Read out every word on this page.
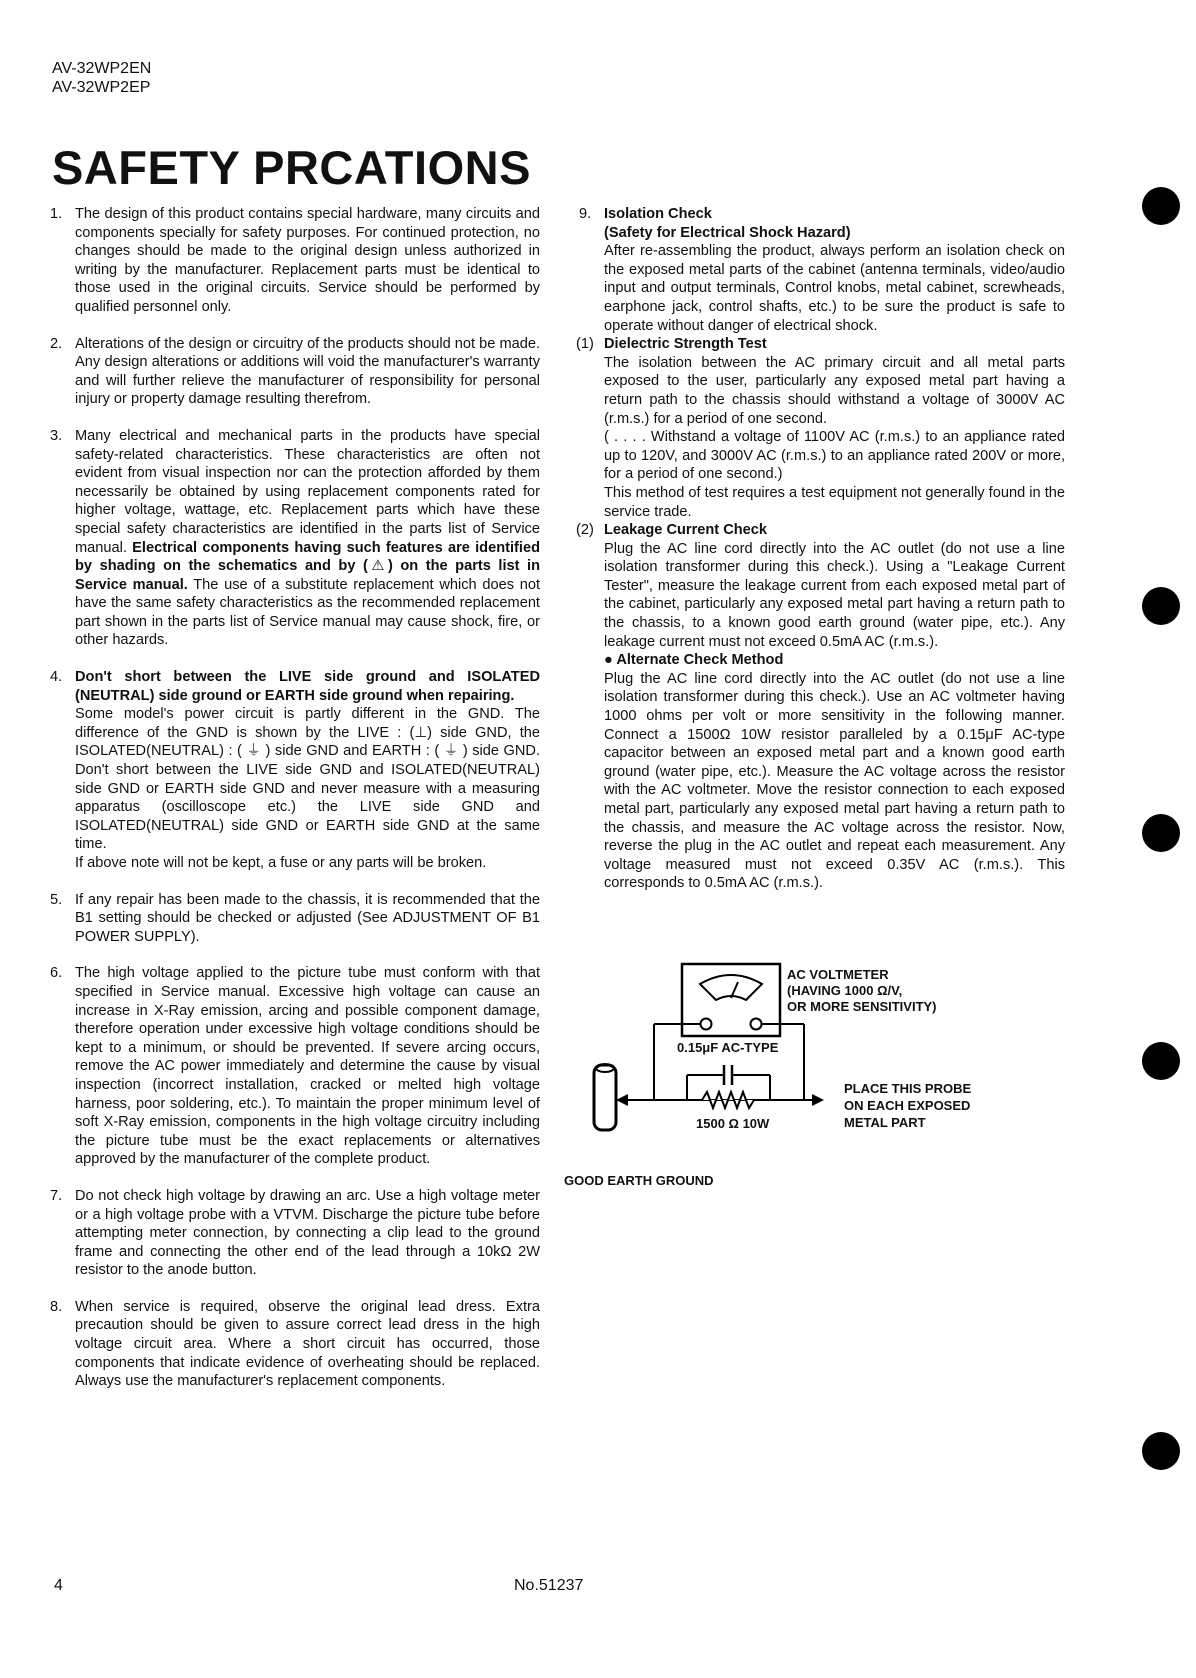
AV-32WP2EN
AV-32WP2EP
SAFETY PRCATIONS
1. The design of this product contains special hardware, many circuits and components specially for safety purposes. For continued protection, no changes should be made to the original design unless authorized in writing by the manufacturer. Replacement parts must be identical to those used in the original circuits. Service should be performed by qualified personnel only.
2. Alterations of the design or circuitry of the products should not be made. Any design alterations or additions will void the manufacturer's warranty and will further relieve the manufacturer of responsibility for personal injury or property damage resulting therefrom.
3. Many electrical and mechanical parts in the products have special safety-related characteristics. These characteristics are often not evident from visual inspection nor can the protection afforded by them necessarily be obtained by using replacement components rated for higher voltage, wattage, etc. Replacement parts which have these special safety characteristics are identified in the parts list of Service manual. Electrical components having such features are identified by shading on the schematics and by (⚠) on the parts list in Service manual. The use of a substitute replacement which does not have the same safety characteristics as the recommended replacement part shown in the parts list of Service manual may cause shock, fire, or other hazards.
4. Don't short between the LIVE side ground and ISOLATED (NEUTRAL) side ground or EARTH side ground when repairing.
Some model's power circuit is partly different in the GND. The difference of the GND is shown by the LIVE : (⊥) side GND, the ISOLATED(NEUTRAL) : ( ⏚ ) side GND and EARTH : ( ⏚ ) side GND. Don't short between the LIVE side GND and ISOLATED(NEUTRAL) side GND or EARTH side GND and never measure with a measuring apparatus (oscilloscope etc.) the LIVE side GND and ISOLATED(NEUTRAL) side GND or EARTH side GND at the same time.
If above note will not be kept, a fuse or any parts will be broken.
5. If any repair has been made to the chassis, it is recommended that the B1 setting should be checked or adjusted (See ADJUSTMENT OF B1 POWER SUPPLY).
6. The high voltage applied to the picture tube must conform with that specified in Service manual. Excessive high voltage can cause an increase in X-Ray emission, arcing and possible component damage, therefore operation under excessive high voltage conditions should be kept to a minimum, or should be prevented. If severe arcing occurs, remove the AC power immediately and determine the cause by visual inspection (incorrect installation, cracked or melted high voltage harness, poor soldering, etc.). To maintain the proper minimum level of soft X-Ray emission, components in the high voltage circuitry including the picture tube must be the exact replacements or alternatives approved by the manufacturer of the complete product.
7. Do not check high voltage by drawing an arc. Use a high voltage meter or a high voltage probe with a VTVM. Discharge the picture tube before attempting meter connection, by connecting a clip lead to the ground frame and connecting the other end of the lead through a 10kΩ 2W resistor to the anode button.
8. When service is required, observe the original lead dress. Extra precaution should be given to assure correct lead dress in the high voltage circuit area. Where a short circuit has occurred, those components that indicate evidence of overheating should be replaced. Always use the manufacturer's replacement components.
9. Isolation Check
(Safety for Electrical Shock Hazard)
After re-assembling the product, always perform an isolation check on the exposed metal parts of the cabinet (antenna terminals, video/audio input and output terminals, Control knobs, metal cabinet, screwheads, earphone jack, control shafts, etc.) to be sure the product is safe to operate without danger of electrical shock.
(1) Dielectric Strength Test
The isolation between the AC primary circuit and all metal parts exposed to the user, particularly any exposed metal part having a return path to the chassis should withstand a voltage of 3000V AC (r.m.s.) for a period of one second.
( . . . . Withstand a voltage of 1100V AC (r.m.s.) to an appliance rated up to 120V, and 3000V AC (r.m.s.) to an appliance rated 200V or more, for a period of one second.)
This method of test requires a test equipment not generally found in the service trade.
(2) Leakage Current Check
Plug the AC line cord directly into the AC outlet (do not use a line isolation transformer during this check.). Using a "Leakage Current Tester", measure the leakage current from each exposed metal part of the cabinet, particularly any exposed metal part having a return path to the chassis, to a known good earth ground (water pipe, etc.). Any leakage current must not exceed 0.5mA AC (r.m.s.).
● Alternate Check Method
Plug the AC line cord directly into the AC outlet (do not use a line isolation transformer during this check.). Use an AC voltmeter having 1000 ohms per volt or more sensitivity in the following manner. Connect a 1500Ω 10W resistor paralleled by a 0.15μF AC-type capacitor between an exposed metal part and a known good earth ground (water pipe, etc.). Measure the AC voltage across the resistor with the AC voltmeter. Move the resistor connection to each exposed metal part, particularly any exposed metal part having a return path to the chassis, and measure the AC voltage across the resistor. Now, reverse the plug in the AC outlet and repeat each measurement. Any voltage measured must not exceed 0.35V AC (r.m.s.). This corresponds to 0.5mA AC (r.m.s.).
AC VOLTMETER
(HAVING 1000 Ω/V,
OR MORE SENSITIVITY)
0.15μF AC-TYPE
1500 Ω 10W
PLACE THIS PROBE
ON EACH EXPOSED
METAL PART
GOOD EARTH GROUND
4	No.51237
